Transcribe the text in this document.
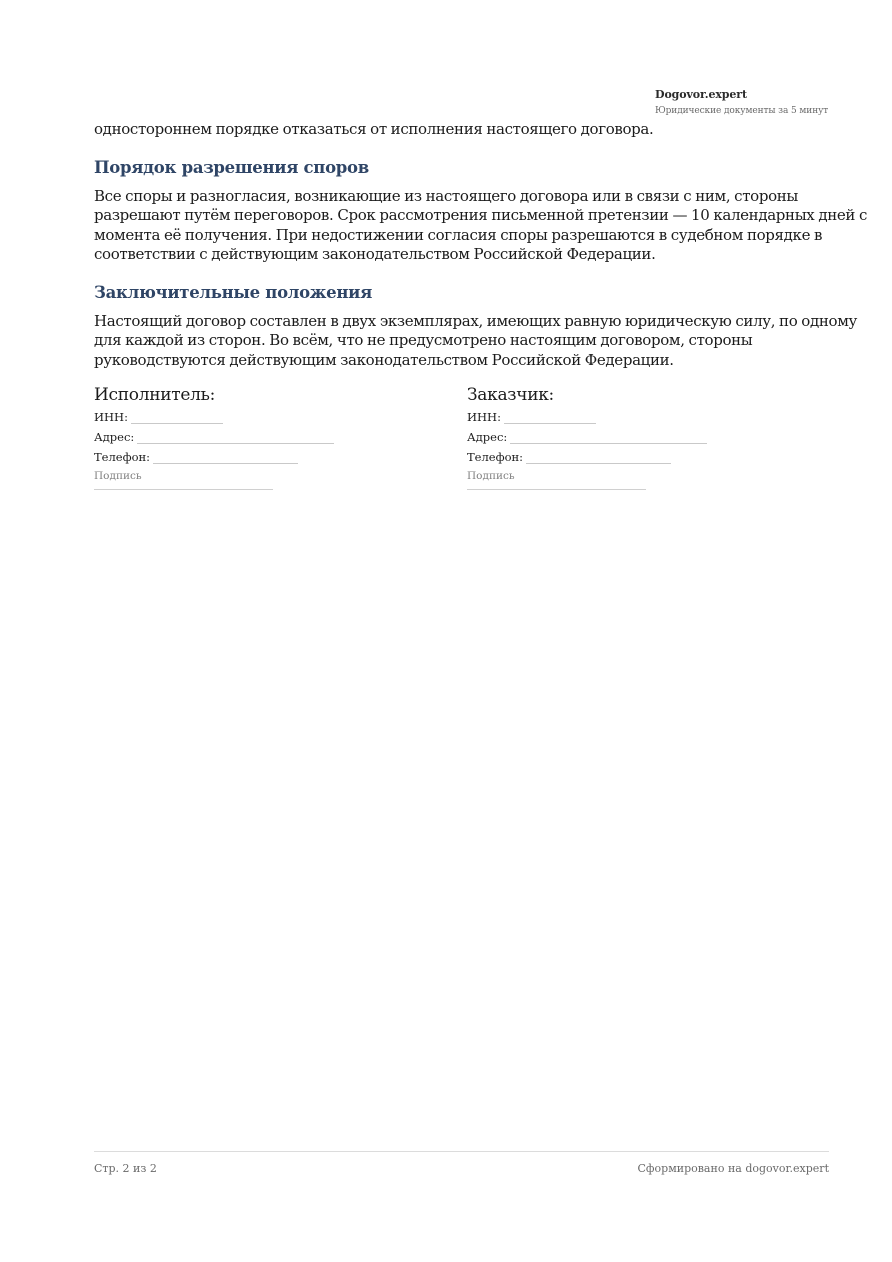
Dogovor.expert
Юридические документы за 5 минут

одностороннем порядке отказаться от исполнения настоящего договора.

Порядок разрешения споров

Все споры и разногласия, возникающие из настоящего договора или в связи с ним, стороны разрешают путём переговоров. Срок рассмотрения письменной претензии — 10 календарных дней с момента её получения. При недостижении согласия споры разрешаются в судебном порядке в соответствии с действующим законодательством Российской Федерации.

Заключительные положения

Настоящий договор составлен в двух экземплярах, имеющих равную юридическую силу, по одному для каждой из сторон. Во всём, что не предусмотрено настоящим договором, стороны руководствуются действующим законодательством Российской Федерации.

Исполнитель:
ИНН:
Адрес:
Телефон:
Подпись
Заказчик:
ИНН:
Адрес:
Телефон:
Подпись
Стр. 2 из 2	Сформировано на dogovor.expert
